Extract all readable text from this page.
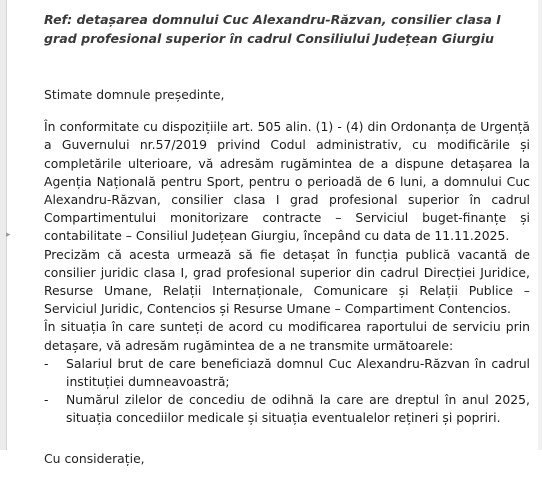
▸

Ref: detașarea domnului Cuc Alexandru-Răzvan, consilier clasa I grad profesional superior în cadrul Consiliului Județean Giurgiu

Stimate domnule președinte,

În conformitate cu dispozițiile art. 505 alin. (1) - (4) din Ordonanța de Urgență a Guvernului nr.57/2019 privind Codul administrativ, cu modificările și completările ulterioare, vă adresăm rugămintea de a dispune detașarea la Agenția Națională pentru Sport, pentru o perioadă de 6 luni, a domnului Cuc Alexandru-Răzvan, consilier clasa I grad profesional superior în cadrul Compartimentului monitorizare contracte – Serviciul buget-finanțe și contabilitate – Consiliul Județean Giurgiu, începând cu data de 11.11.2025.

Precizăm că acesta urmează să fie detașat în funcția publică vacantă de consilier juridic clasa I, grad profesional superior din cadrul Direcției Juridice, Resurse Umane, Relații Internaționale, Comunicare și Relații Publice – Serviciul Juridic, Contencios și Resurse Umane – Compartiment Contencios.

În situația în care sunteți de acord cu modificarea raportului de serviciu prin detașare, vă adresăm rugămintea de a ne transmite următoarele:

- Salariul brut de care beneficiază domnul Cuc Alexandru-Răzvan în cadrul instituției dumneavoastră;
- Numărul zilelor de concediu de odihnă la care are dreptul în anul 2025, situația concediilor medicale și situația eventualelor rețineri și popriri.

Cu considerație,
